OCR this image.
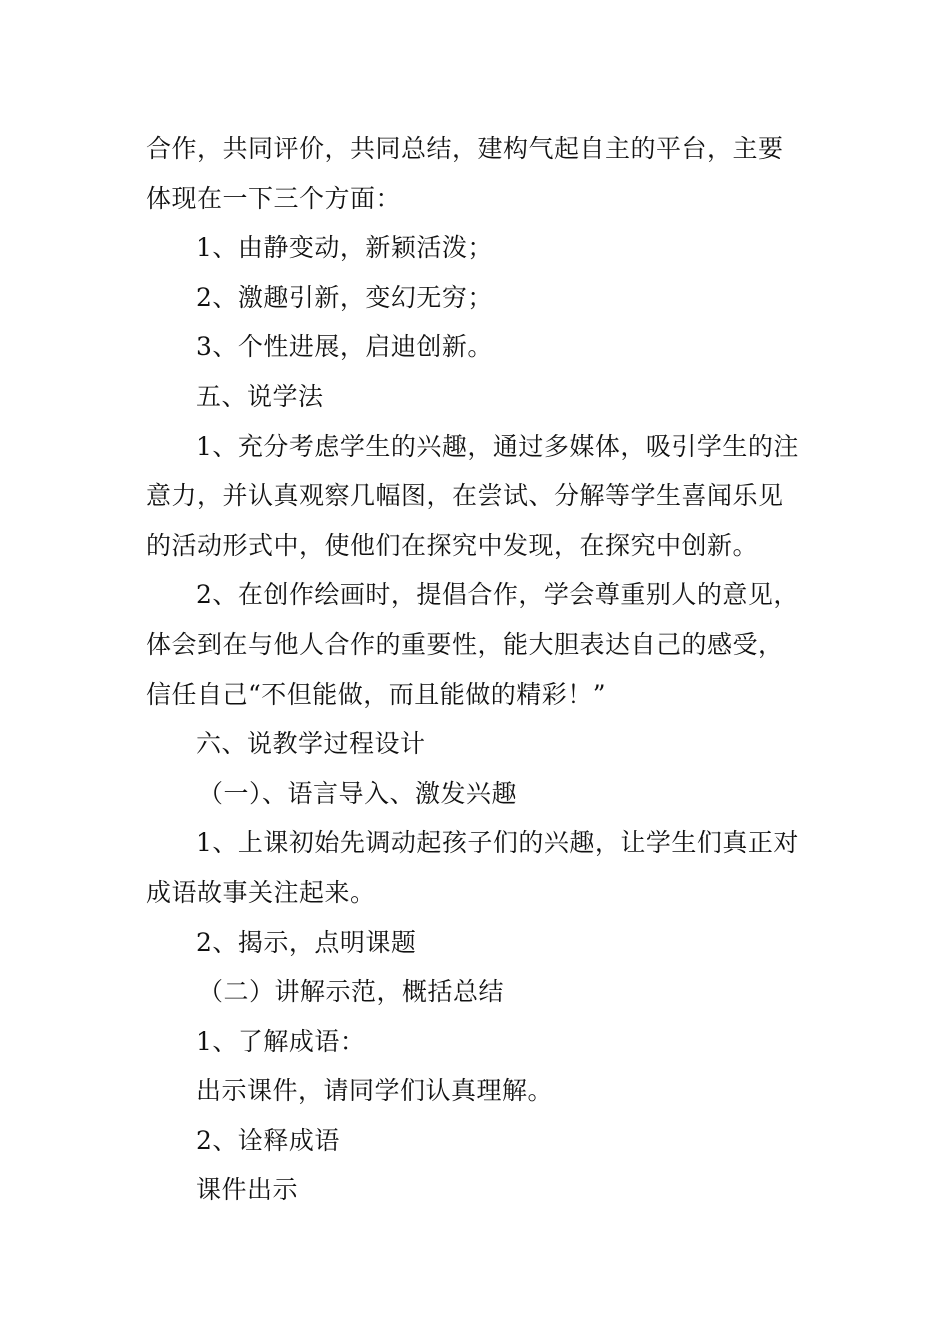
合作，共同评价，共同总结，建构气起自主的平台，主要

体现在一下三个方面：

1、由静变动，新颖活泼；

2、激趣引新，变幻无穷；

3、个性进展，启迪创新。

五、说学法

1、充分考虑学生的兴趣，通过多媒体，吸引学生的注

意力，并认真观察几幅图，在尝试、分解等学生喜闻乐见

的活动形式中，使他们在探究中发现，在探究中创新。

2、在创作绘画时，提倡合作，学会尊重别人的意见，

体会到在与他人合作的重要性，能大胆表达自己的感受，

信任自己“不但能做，而且能做的精彩！”

六、说教学过程设计

（一）、语言导入、激发兴趣

1、上课初始先调动起孩子们的兴趣，让学生们真正对

成语故事关注起来。

2、揭示，点明课题

（二）讲解示范，概括总结

1、了解成语：

出示课件，请同学们认真理解。

2、诠释成语

课件出示
